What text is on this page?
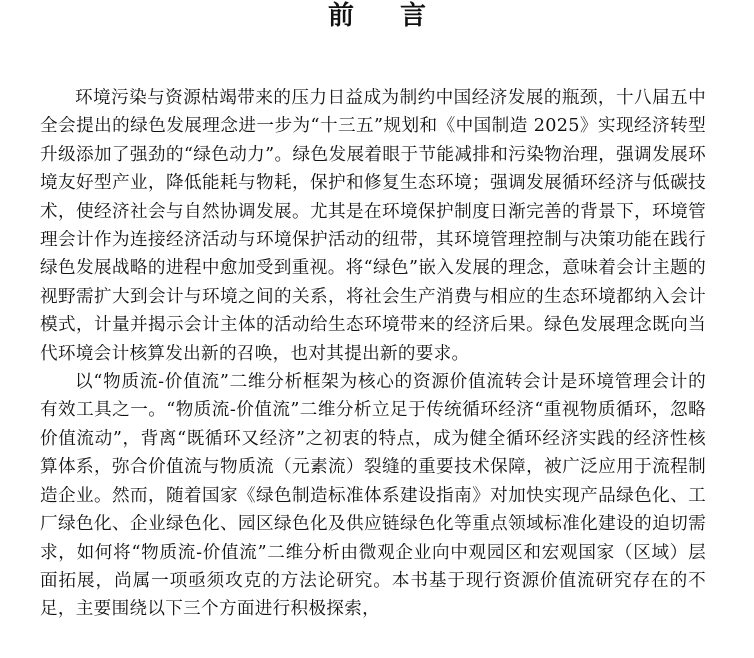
前言

环境污染与资源枯竭带来的压力日益成为制约中国经济发展的瓶颈，十八届五中全会提出的绿色发展理念进一步为“十三五”规划和《中国制造 2025》实现经济转型升级添加了强劲的“绿色动力”。绿色发展着眼于节能减排和污染物治理，强调发展环境友好型产业，降低能耗与物耗，保护和修复生态环境；强调发展循环经济与低碳技术，使经济社会与自然协调发展。尤其是在环境保护制度日渐完善的背景下，环境管理会计作为连接经济活动与环境保护活动的纽带，其环境管理控制与决策功能在践行绿色发展战略的进程中愈加受到重视。将“绿色”嵌入发展的理念，意味着会计主题的视野需扩大到会计与环境之间的关系，将社会生产消费与相应的生态环境都纳入会计模式，计量并揭示会计主体的活动给生态环境带来的经济后果。绿色发展理念既向当代环境会计核算发出新的召唤，也对其提出新的要求。

以“物质流-价值流”二维分析框架为核心的资源价值流转会计是环境管理会计的有效工具之一。“物质流-价值流”二维分析立足于传统循环经济“重视物质循环，忽略价值流动”，背离“既循环又经济”之初衷的特点，成为健全循环经济实践的经济性核算体系，弥合价值流与物质流（元素流）裂缝的重要技术保障，被广泛应用于流程制造企业。然而，随着国家《绿色制造标准体系建设指南》对加快实现产品绿色化、工厂绿色化、企业绿色化、园区绿色化及供应链绿色化等重点领域标准化建设的迫切需求，如何将“物质流-价值流”二维分析由微观企业向中观园区和宏观国家（区域）层面拓展，尚属一项亟须攻克的方法论研究。本书基于现行资源价值流研究存在的不足，主要围绕以下三个方面进行积极探索，
